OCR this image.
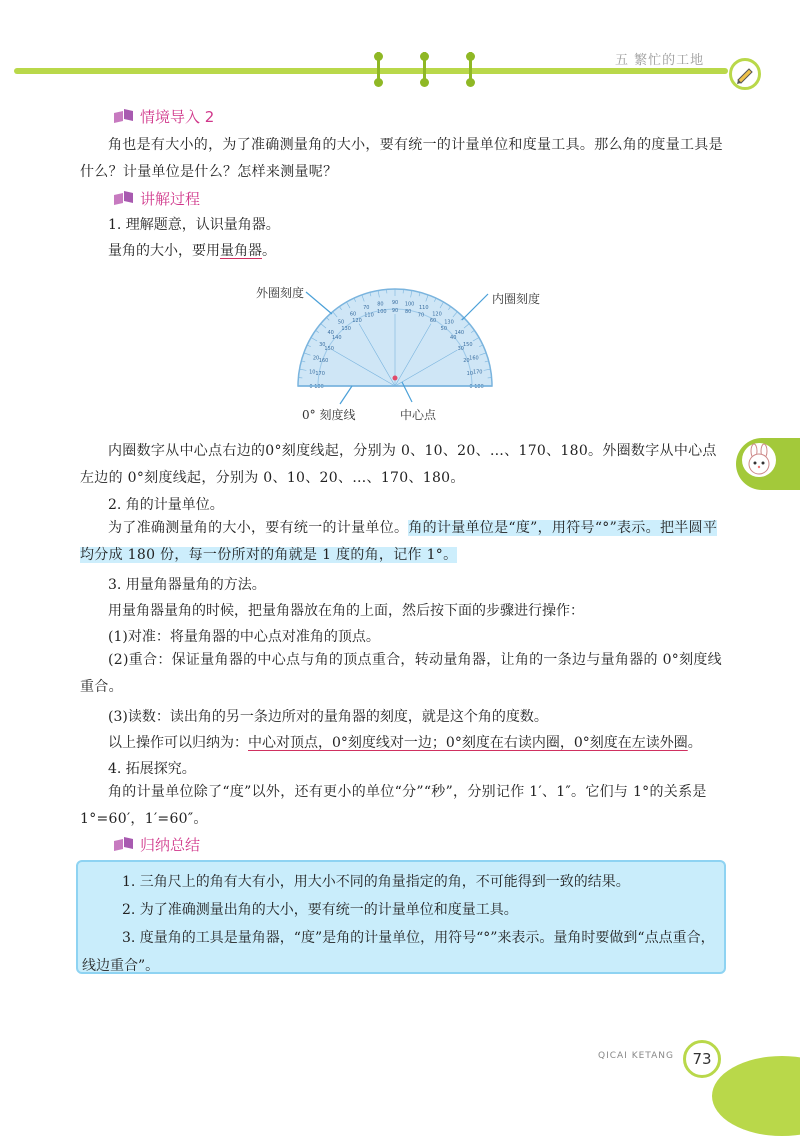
五 繁忙的工地
情境导入 2
角也是有大小的，为了准确测量角的大小，要有统一的计量单位和度量工具。那么角的度量工具是什么？计量单位是什么？怎样来测量呢？
讲解过程
1. 理解题意，认识量角器。
量角的大小，要用量角器。
0
10
20
30
40
50
60
70
80 90 100
110
120
130
140
150
160
170
180
180
170
160
150
140
130
120
110
100 90 80
70
60
50
40
30
20
10
0
外圈刻度	内圈刻度
0° 刻度线	中心点
内圈数字从中心点右边的0°刻度线起，分别为 0、10、20、…、170、180。外圈数字从中心点左边的 0°刻度线起，分别为 0、10、20、…、170、180。
2. 角的计量单位。
为了准确测量角的大小，要有统一的计量单位。角的计量单位是“度”，用符号“°”表示。把半圆平均分成 180 份，每一份所对的角就是 1 度的角，记作 1°。
3. 用量角器量角的方法。
用量角器量角的时候，把量角器放在角的上面，然后按下面的步骤进行操作：
(1)对准：将量角器的中心点对准角的顶点。
(2)重合：保证量角器的中心点与角的顶点重合，转动量角器，让角的一条边与量角器的 0°刻度线重合。
(3)读数：读出角的另一条边所对的量角器的刻度，就是这个角的度数。
以上操作可以归纳为：中心对顶点，0°刻度线对一边；0°刻度在右读内圈，0°刻度在左读外圈。
4. 拓展探究。
角的计量单位除了“度”以外，还有更小的单位“分”“秒”，分别记作 1′、1″。它们与 1°的关系是1°=60′，1′=60″。
归纳总结
1. 三角尺上的角有大有小，用大小不同的角量指定的角，不可能得到一致的结果。
2. 为了准确测量出角的大小，要有统一的计量单位和度量工具。
3. 度量角的工具是量角器，“度”是角的计量单位，用符号“°”来表示。量角时要做到“点点重合，线边重合”。
QICAI KETANG	73
